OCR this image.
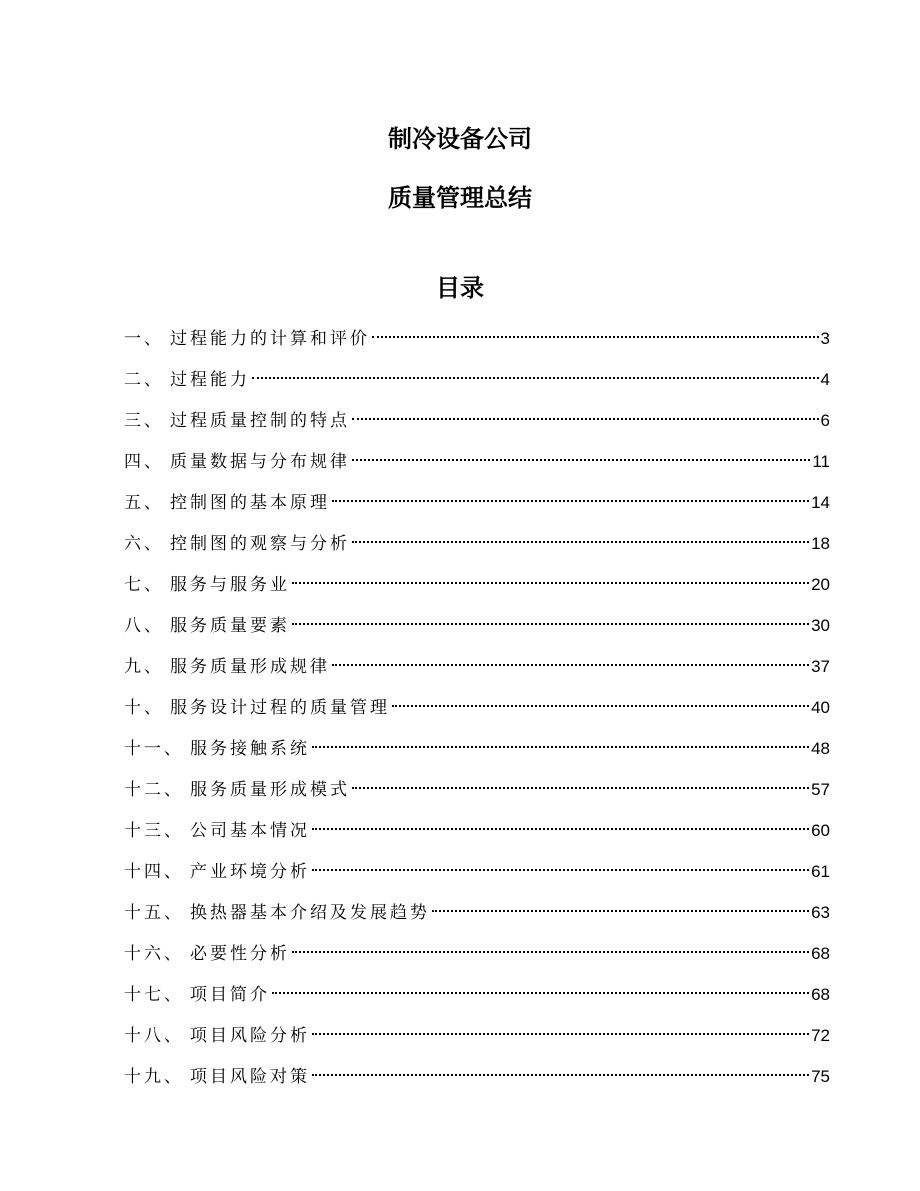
制冷设备公司
质量管理总结
目录
一、 过程能力的计算和评价	3
二、 过程能力	4
三、 过程质量控制的特点	6
四、 质量数据与分布规律	11
五、 控制图的基本原理	14
六、 控制图的观察与分析	18
七、 服务与服务业	20
八、 服务质量要素	30
九、 服务质量形成规律	37
十、 服务设计过程的质量管理	40
十一、 服务接触系统	48
十二、 服务质量形成模式	57
十三、 公司基本情况	60
十四、 产业环境分析	61
十五、 换热器基本介绍及发展趋势	63
十六、 必要性分析	68
十七、 项目简介	68
十八、 项目风险分析	72
十九、 项目风险对策	75
